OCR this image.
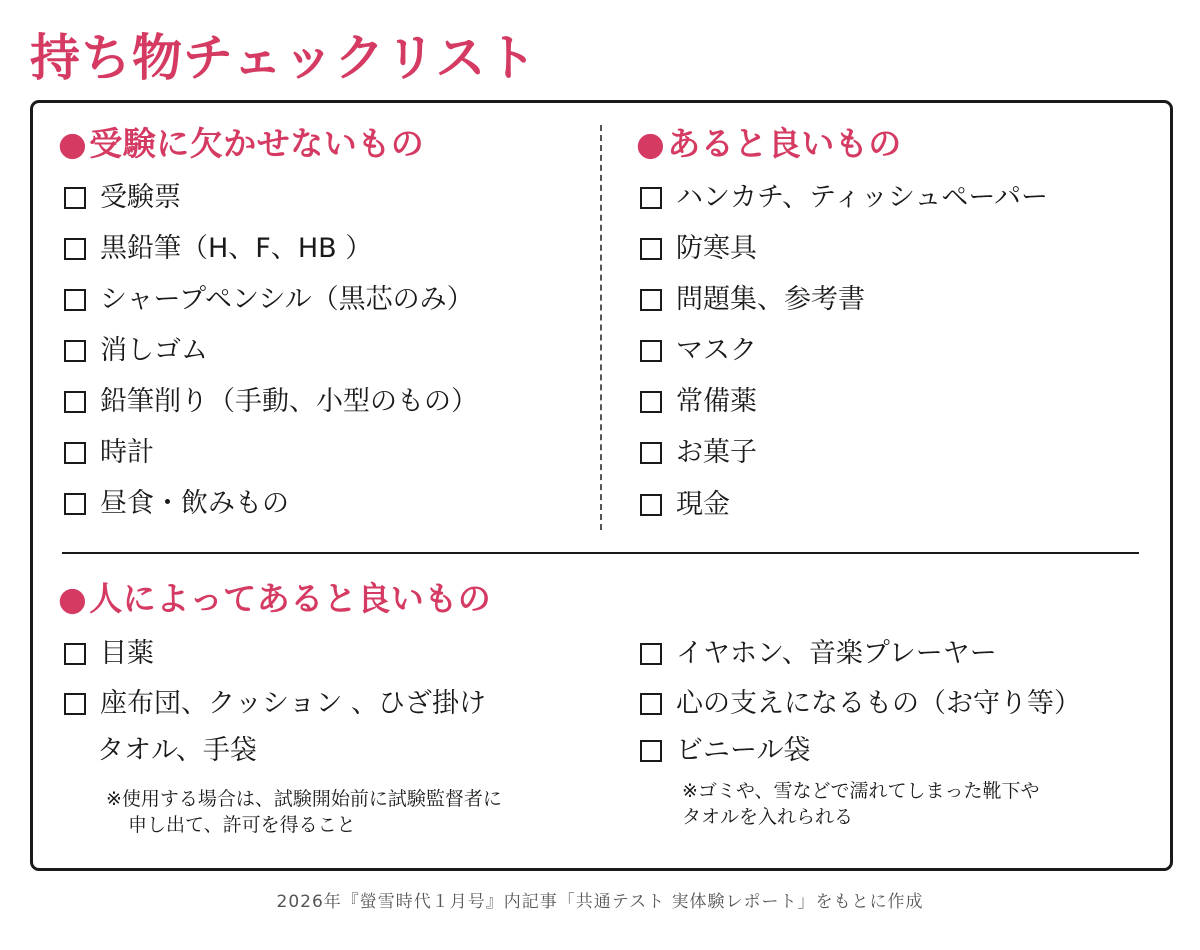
持ち物チェックリスト
●受験に欠かせないもの
受験票
黒鉛筆（H、F、HB ）
シャープペンシル（黒芯のみ）
消しゴム
鉛筆削り（手動、小型のもの）
時計
昼食・飲みもの
●あると良いもの
ハンカチ、ティッシュペーパー
防寒具
問題集、参考書
マスク
常備薬
お菓子
現金
●人によってあると良いもの
目薬
座布団、クッション 、ひざ掛け
タオル、手袋
※使用する場合は、試験開始前に試験監督者に
申し出て、許可を得ること
イヤホン、音楽プレーヤー
心の支えになるもの（お守り等）
ビニール袋
※ゴミや、雪などで濡れてしまった靴下や
タオルを入れられる
2026年『螢雪時代１月号』内記事「共通テスト 実体験レポート」をもとに作成
